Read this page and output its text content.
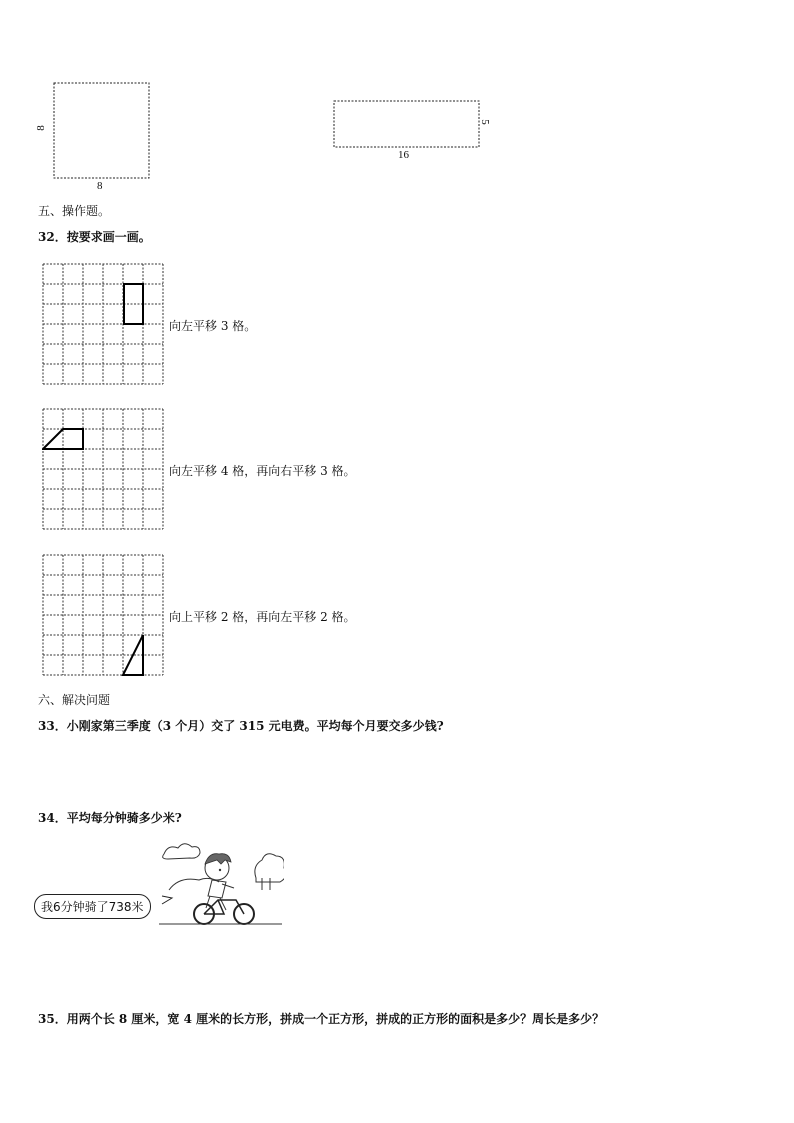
8
8
5
16
五、操作题。
32．按要求画一画。
向左平移 3 格。
向左平移 4 格，再向右平移 3 格。
向上平移 2 格，再向左平移 2 格。
六、解决问题
33．小刚家第三季度（3 个月）交了 315 元电费。平均每个月要交多少钱?
34．平均每分钟骑多少米?
我6分钟骑了738米
35．用两个长 8 厘米，宽 4 厘米的长方形，拼成一个正方形，拼成的正方形的面积是多少？周长是多少？
